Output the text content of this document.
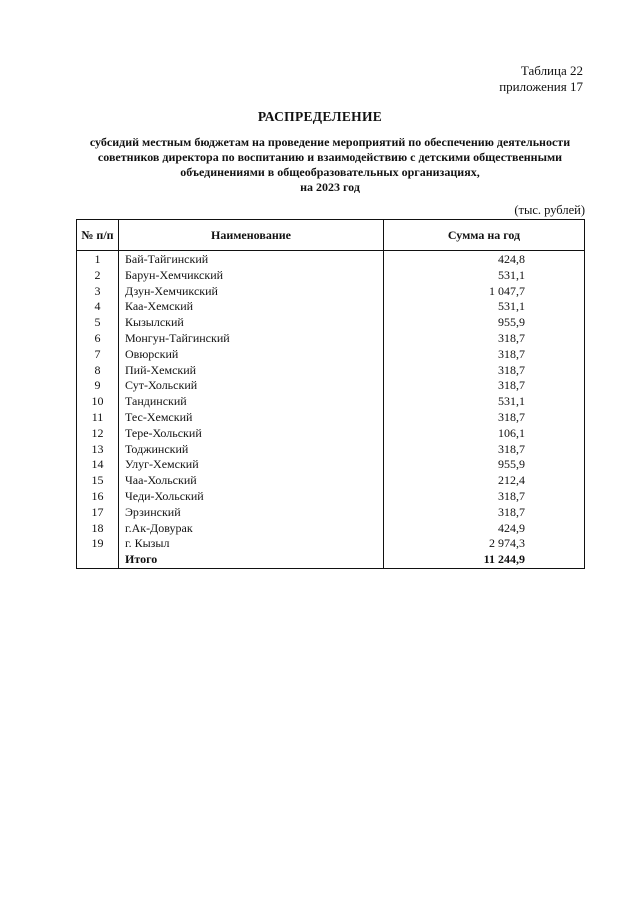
Таблица 22
приложения 17
РАСПРЕДЕЛЕНИЕ
субсидий местным бюджетам на проведение мероприятий по обеспечению деятельности
советников директора по воспитанию и взаимодействию с детскими общественными
объединениями в общеобразовательных организациях,
на 2023 год
(тыс. рублей)
№ п/п	Наименование	Сумма на год
1	Бай-Тайгинский	424,8
2	Барун-Хемчикский	531,1
3	Дзун-Хемчикский	1 047,7
4	Каа-Хемский	531,1
5	Кызылский	955,9
6	Монгун-Тайгинский	318,7
7	Овюрский	318,7
8	Пий-Хемский	318,7
9	Сут-Хольский	318,7
10	Тандинский	531,1
11	Тес-Хемский	318,7
12	Тере-Хольский	106,1
13	Тоджинский	318,7
14	Улуг-Хемский	955,9
15	Чаа-Хольский	212,4
16	Чеди-Хольский	318,7
17	Эрзинский	318,7
18	г.Ак-Довурак	424,9
19	г. Кызыл	2 974,3
	Итого	11 244,9
